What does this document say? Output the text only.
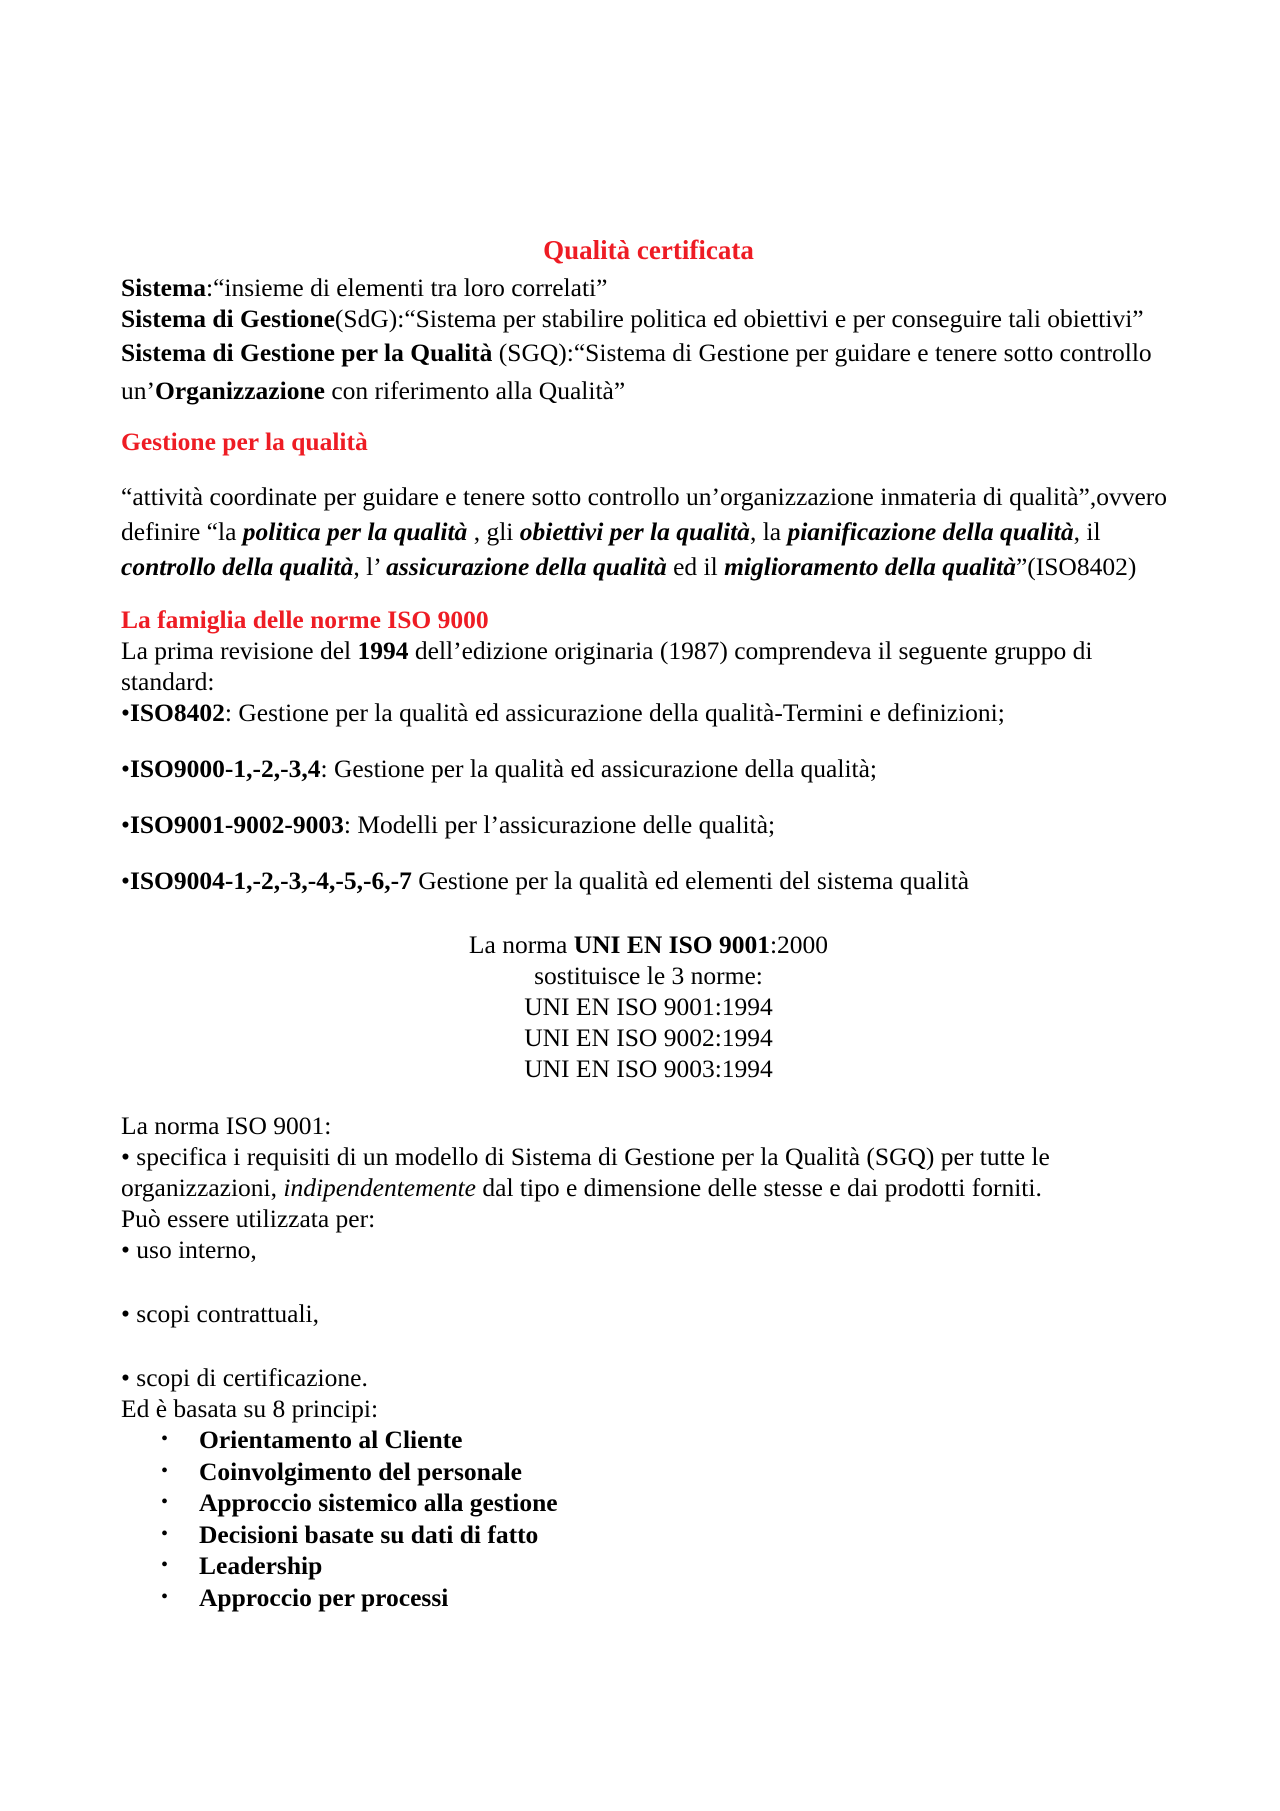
Qualità certificata

Sistema:“insieme di elementi tra loro correlati”

Sistema di Gestione(SdG):“Sistema per stabilire politica ed obiettivi e per conseguire tali obiettivi”

Sistema di Gestione per la Qualità (SGQ):“Sistema di Gestione per guidare e tenere sotto controllo un’Organizzazione con riferimento alla Qualità”

Gestione per la qualità

“attività coordinate per guidare e tenere sotto controllo un’organizzazione inmateria di qualità”,ovvero definire “la politica per la qualità , gli obiettivi per la qualità, la pianificazione della qualità, il controllo della qualità, l’ assicurazione della qualità ed il miglioramento della qualità”(ISO8402)

La famiglia delle norme ISO 9000

La prima revisione del 1994 dell’edizione originaria (1987) comprendeva il seguente gruppo di standard:

•ISO8402: Gestione per la qualità ed assicurazione della qualità-Termini e definizioni;

•ISO9000-1,-2,-3,4: Gestione per la qualità ed assicurazione della qualità;

•ISO9001-9002-9003: Modelli per l’assicurazione delle qualità;

•ISO9004-1,-2,-3,-4,-5,-6,-7 Gestione per la qualità ed elementi del sistema qualità

La norma UNI EN ISO 9001:2000

sostituisce le 3 norme:

UNI EN ISO 9001:1994

UNI EN ISO 9002:1994

UNI EN ISO 9003:1994

La norma ISO 9001:

• specifica i requisiti di un modello di Sistema di Gestione per la Qualità (SGQ) per tutte le organizzazioni, indipendentemente dal tipo e dimensione delle stesse e dai prodotti forniti.

Può essere utilizzata per:

• uso interno,

• scopi contrattuali,

• scopi di certificazione.

Ed è basata su 8 principi:

• Orientamento al Cliente
• Coinvolgimento del personale
• Approccio sistemico alla gestione
• Decisioni basate su dati di fatto
• Leadership
• Approccio per processi
